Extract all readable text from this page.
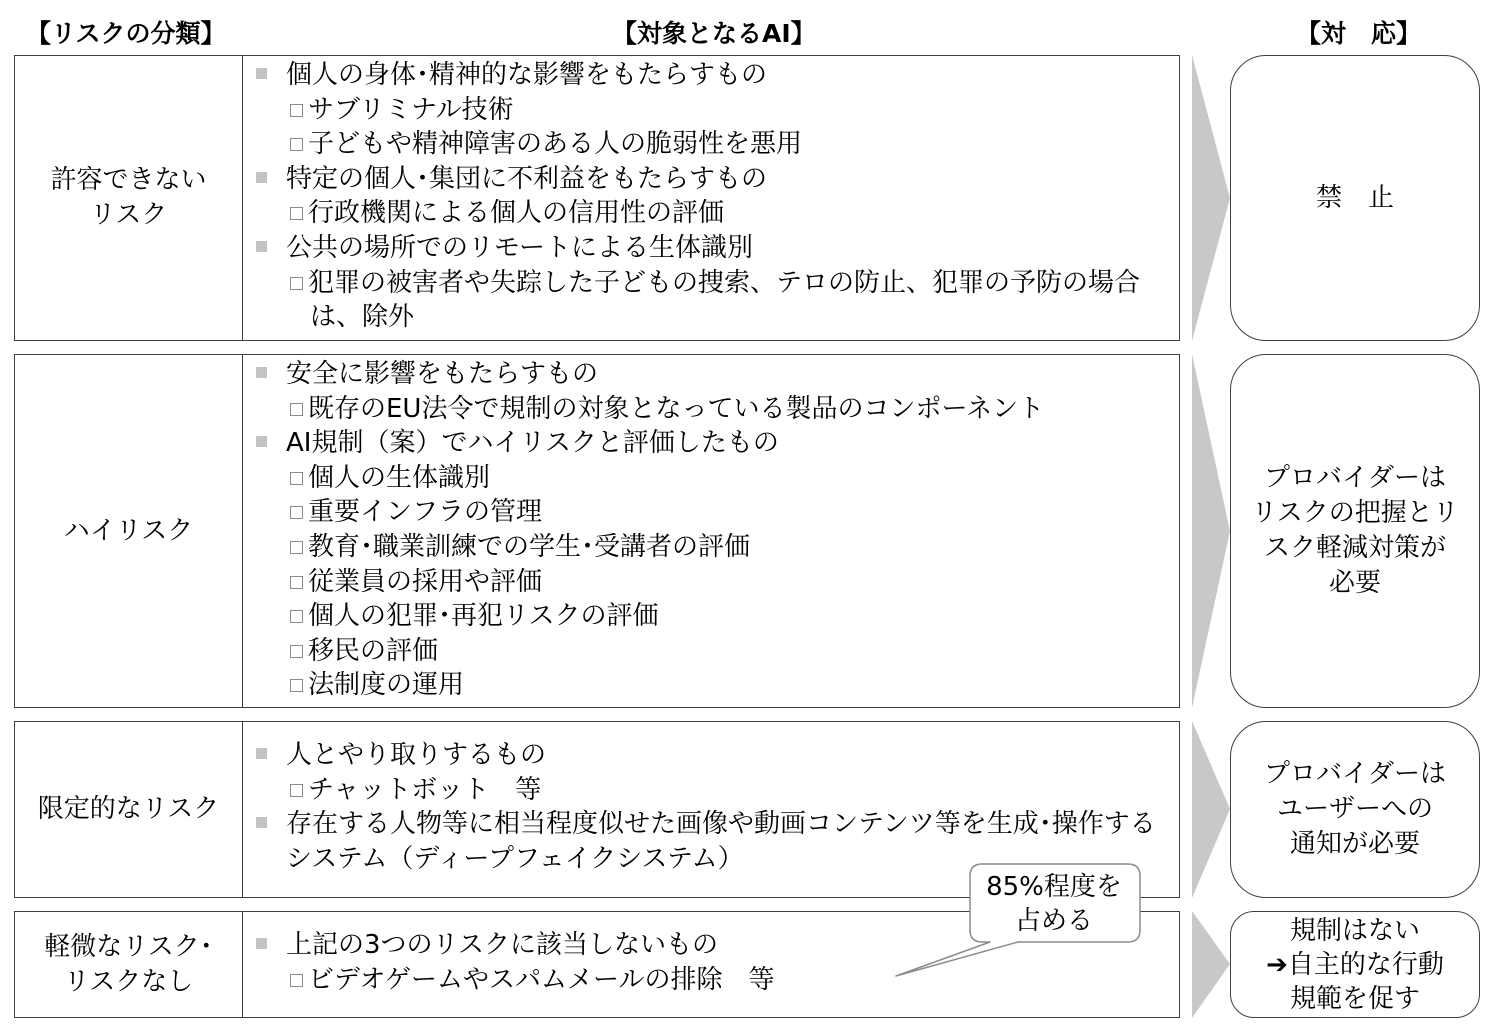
【リスクの分類】	【対象となるAI】	【対　応】
許容できない
リスク
個人の身体･精神的な影響をもたらすもの
サブリミナル技術
子どもや精神障害のある人の脆弱性を悪用
特定の個人･集団に不利益をもたらすもの
行政機関による個人の信用性の評価
公共の場所でのリモートによる生体識別
犯罪の被害者や失踪した子どもの捜索、テロの防止、犯罪の予防の場合は、除外
ハイリスク
安全に影響をもたらすもの
既存のEU法令で規制の対象となっている製品のコンポーネント
AI規制（案）でハイリスクと評価したもの
個人の生体識別
重要インフラの管理
教育･職業訓練での学生･受講者の評価
従業員の採用や評価
個人の犯罪･再犯リスクの評価
移民の評価
法制度の運用
限定的なリスク
人とやり取りするもの
チャットボット　等
存在する人物等に相当程度似せた画像や動画コンテンツ等を生成･操作するシステム（ディープフェイクシステム）
軽微なリスク･
リスクなし
上記の3つのリスクに該当しないもの
ビデオゲームやスパムメールの排除　等
禁　止
プロバイダーは
リスクの把握とリ
スク軽減対策が
必要
プロバイダーは
ユーザーへの
通知が必要
規制はない
➔自主的な行動
規範を促す
85%程度を
占める
